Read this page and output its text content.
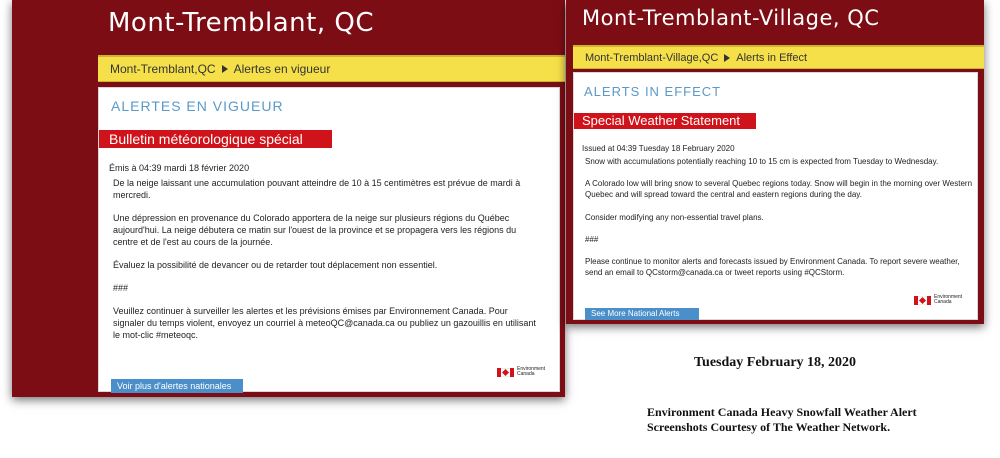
Mont-Tremblant, QC
Mont-Tremblant,QC Alertes en vigueur
ALERTES EN VIGUEUR
Bulletin météorologique spécial
Émis à 04:39 mardi 18 février 2020

De la neige laissant une accumulation pouvant atteindre de 10 à 15 centimètres est prévue de mardi à mercredi.

Une dépression en provenance du Colorado apportera de la neige sur plusieurs régions du Québec aujourd'hui. La neige débutera ce matin sur l'ouest de la province et se propagera vers les régions du centre et de l'est au cours de la journée.

Évaluez la possibilité de devancer ou de retarder tout déplacement non essentiel.

###

Veuillez continuer à surveiller les alertes et les prévisions émises par Environnement Canada. Pour signaler du temps violent, envoyez un courriel à meteoQC@canada.ca ou publiez un gazouillis en utilisant le mot-clic #meteoqc.

Environment
Canada
Voir plus d'alertes nationales
Mont-Tremblant-Village, QC
Mont-Tremblant-Village,QC Alerts in Effect
ALERTS IN EFFECT
Special Weather Statement
Issued at 04:39 Tuesday 18 February 2020

Snow with accumulations potentially reaching 10 to 15 cm is expected from Tuesday to Wednesday.

A Colorado low will bring snow to several Quebec regions today. Snow will begin in the morning over Western Quebec and will spread toward the central and eastern regions during the day.

Consider modifying any non-essential travel plans.

###

Please continue to monitor alerts and forecasts issued by Environment Canada. To report severe weather, send an email to QCstorm@canada.ca or tweet reports using #QCStorm.

Environment
Canada
See More National Alerts
Tuesday February 18, 2020
Environment Canada Heavy Snowfall Weather Alert
Screenshots Courtesy of The Weather Network.
